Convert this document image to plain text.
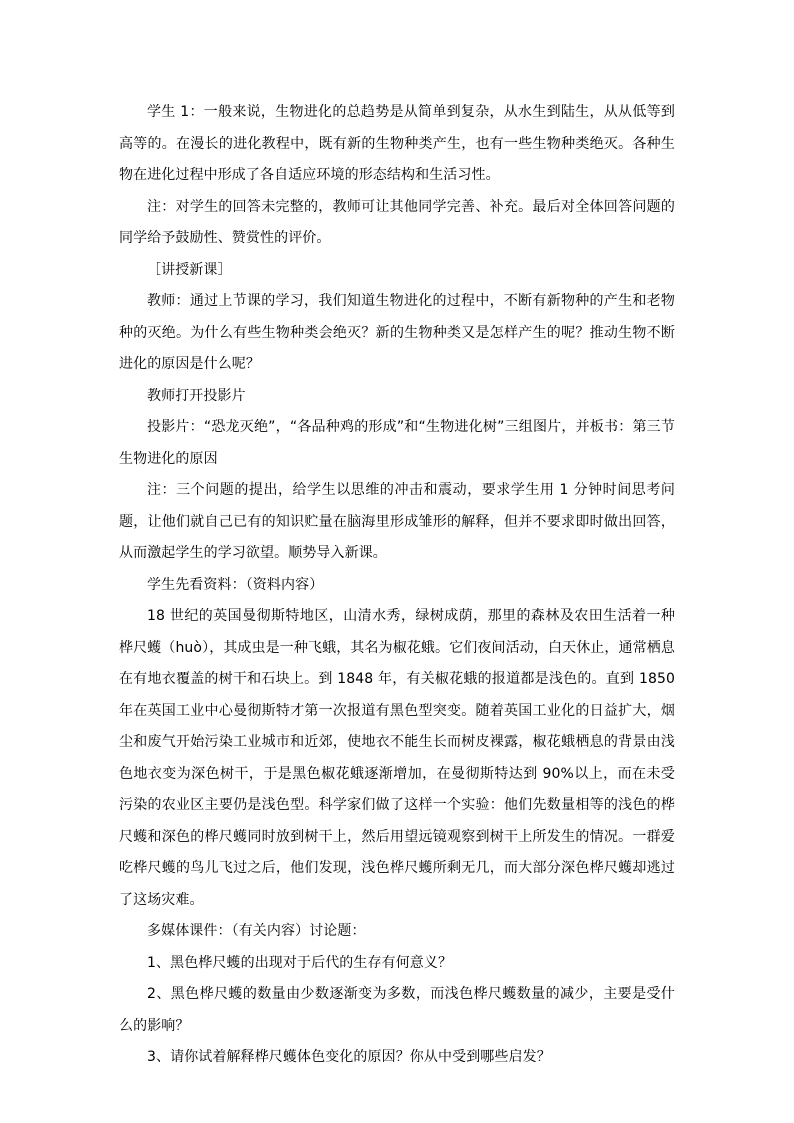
学生 1：一般来说，生物进化的总趋势是从简单到复杂，从水生到陆生，从从低等到高等的。在漫长的进化教程中，既有新的生物种类产生，也有一些生物种类绝灭。各种生物在进化过程中形成了各自适应环境的形态结构和生活习性。

注：对学生的回答未完整的，教师可让其他同学完善、补充。最后对全体回答问题的同学给予鼓励性、赞赏性的评价。

［讲授新课］

教师：通过上节课的学习，我们知道生物进化的过程中，不断有新物种的产生和老物种的灭绝。为什么有些生物种类会绝灭？新的生物种类又是怎样产生的呢？推动生物不断进化的原因是什么呢？

教师打开投影片

投影片：“恐龙灭绝”，“各品种鸡的形成”和“生物进化树”三组图片，并板书：第三节　生物进化的原因

注：三个问题的提出，给学生以思维的冲击和震动，要求学生用 1 分钟时间思考问题，让他们就自己已有的知识贮量在脑海里形成雏形的解释，但并不要求即时做出回答，从而激起学生的学习欲望。顺势导入新课。

学生先看资料：（资料内容）

18 世纪的英国曼彻斯特地区，山清水秀，绿树成荫，那里的森林及农田生活着一种桦尺蠖（huò），其成虫是一种飞蛾，其名为椒花蛾。它们夜间活动，白天休止，通常栖息在有地衣覆盖的树干和石块上。到 1848 年，有关椒花蛾的报道都是浅色的。直到 1850 年在英国工业中心曼彻斯特才第一次报道有黑色型突变。随着英国工业化的日益扩大，烟尘和废气开始污染工业城市和近郊，使地衣不能生长而树皮裸露，椒花蛾栖息的背景由浅色地衣变为深色树干，于是黑色椒花蛾逐渐增加，在曼彻斯特达到 90%以上，而在未受污染的农业区主要仍是浅色型。科学家们做了这样一个实验：他们先数量相等的浅色的桦尺蠖和深色的桦尺蠖同时放到树干上，然后用望远镜观察到树干上所发生的情况。一群爱吃桦尺蠖的鸟儿飞过之后，他们发现，浅色桦尺蠖所剩无几，而大部分深色桦尺蠖却逃过了这场灾难。

多媒体课件：（有关内容）讨论题：

1、黑色桦尺蠖的出现对于后代的生存有何意义？

2、黑色桦尺蠖的数量由少数逐渐变为多数，而浅色桦尺蠖数量的减少，主要是受什么的影响？

3、请你试着解释桦尺蠖体色变化的原因？你从中受到哪些启发？
